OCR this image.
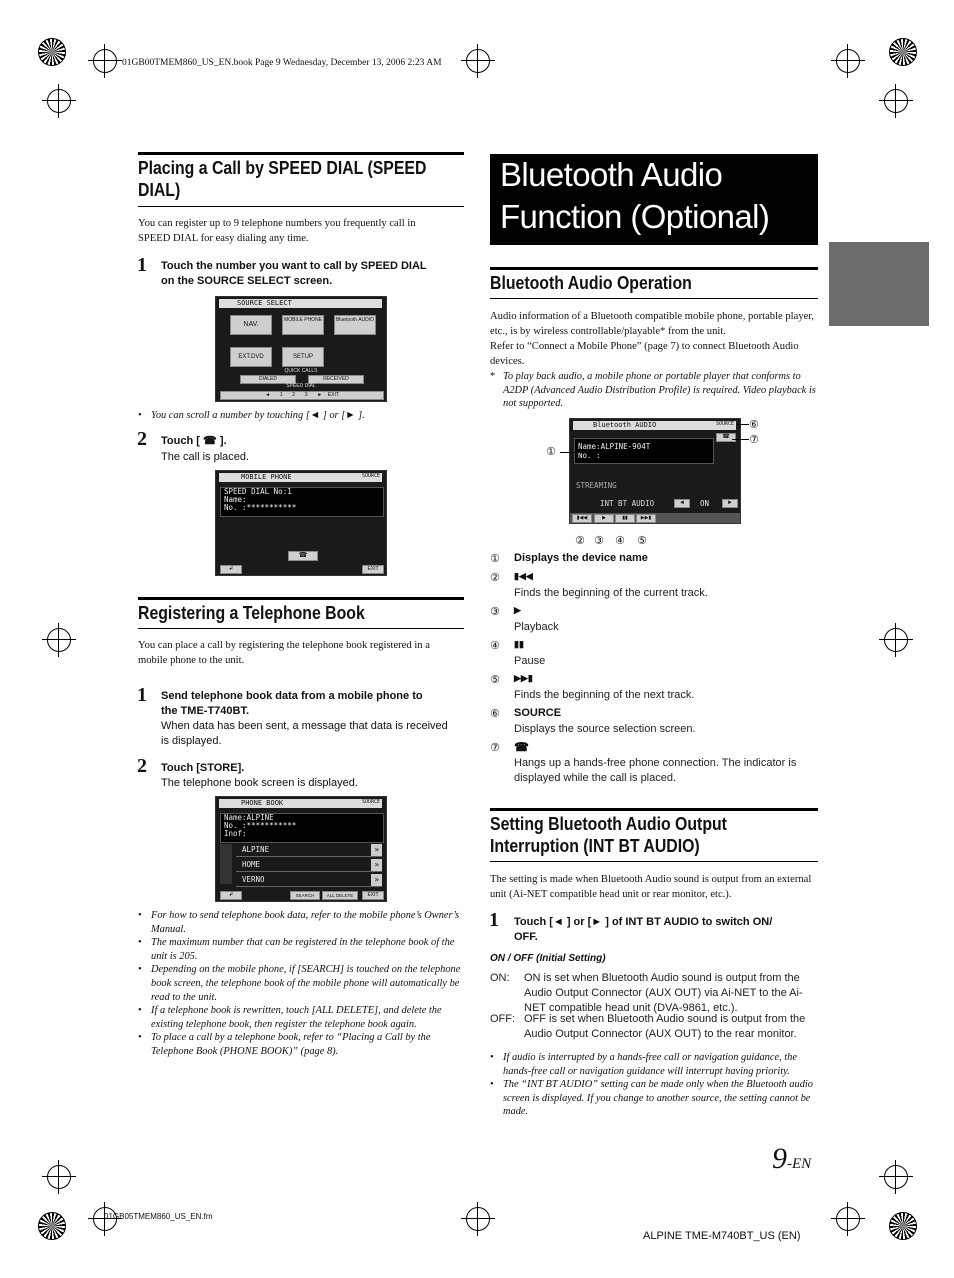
01GB00TMEM860_US_EN.book Page 9 Wednesday, December 13, 2006 2:23 AM
Placing a Call by SPEED DIAL (SPEED
DIAL)
You can register up to 9 telephone numbers you frequently call in
SPEED DIAL for easy dialing any time.
1 Touch the number you want to call by SPEED DIAL
on the SOURCE SELECT screen.
SOURCE SELECT
NAV.
MOBILE PHONE	Bluetooth AUDIO
EXT.DVD	SETUP
QUICK CALLS
DIALED	RECEIVED
SPEED DIAL
◄       1 2 3       ►    EXIT
• You can scroll a number by touching [◄ ] or [► ].
2 Touch [ ☎ ].
The call is placed.
MOBILE PHONE	SOURCE
SPEED DIAL No:1
Name:
No. :***********
☎
↲	EXIT
Registering a Telephone Book
You can place a call by registering the telephone book registered in a
mobile phone to the unit.
1 Send telephone book data from a mobile phone to
the TME-T740BT.
When data has been sent, a message that data is received
is displayed.
2 Touch [STORE].
The telephone book screen is displayed.
PHONE BOOK	SOURCE
Name:ALPINE
No. :***********
Inof:
ALPINE	»
HOME	»
VERNO	»
↲	SEARCH	ALL DELETE	EXIT
• For how to send telephone book data, refer to the mobile phone’s Owner’s Manual.
• The maximum number that can be registered in the telephone book of the unit is 205.
• Depending on the mobile phone, if [SEARCH] is touched on the telephone book screen, the telephone book of the mobile phone will automatically be read to the unit.
• If a telephone book is rewritten, touch [ALL DELETE], and delete the existing telephone book, then register the telephone book again.
• To place a call by a telephone book, refer to “Placing a Call by the Telephone Book (PHONE BOOK)” (page 8).
Bluetooth Audio
Function (Optional)
Bluetooth Audio Operation
Audio information of a Bluetooth compatible mobile phone, portable player, etc., is by wireless controllable/playable* from the unit.
Refer to “Connect a Mobile Phone” (page 7) to connect Bluetooth Audio devices.
* To play back audio, a mobile phone or portable player that conforms to A2DP (Advanced Audio Distribution Profile) is required. Video playback is not supported.
Bluetooth AUDIO	SOURCE
☎
Name:ALPINE-904T
No. :
STREAMING
INT BT AUDIO	◄	ON	►
▮◀◀	▶	▮▮	▶▶▮
①
② ③ ④ ⑤
⑥
⑦
① Displays the device name
② ▮◀◀
Finds the beginning of the current track.
③ ▶
Playback
④ ▮▮
Pause
⑤ ▶▶▮
Finds the beginning of the next track.
⑥ SOURCE
Displays the source selection screen.
⑦ ☎
Hangs up a hands-free phone connection. The indicator is displayed while the call is placed.
Setting Bluetooth Audio Output
Interruption (INT BT AUDIO)
The setting is made when Bluetooth Audio sound is output from an external unit (Ai-NET compatible head unit or rear monitor, etc.).
1 Touch [◄ ] or [► ] of INT BT AUDIO to switch ON/
OFF.
ON / OFF (Initial Setting)
ON:	ON is set when Bluetooth Audio sound is output from the Audio Output Connector (AUX OUT) via Ai-NET to the Ai-NET compatible head unit (DVA-9861, etc.).
OFF: OFF is set when Bluetooth Audio sound is output from the Audio Output Connector (AUX OUT) to the rear monitor.
• If audio is interrupted by a hands-free call or navigation guidance, the hands-free call or navigation guidance will interrupt having priority.
• The “INT BT AUDIO” setting can be made only when the Bluetooth audio screen is displayed. If you change to another source, the setting cannot be made.
9-EN
01GB05TMEM860_US_EN.fm
ALPINE TME-M740BT_US (EN)
